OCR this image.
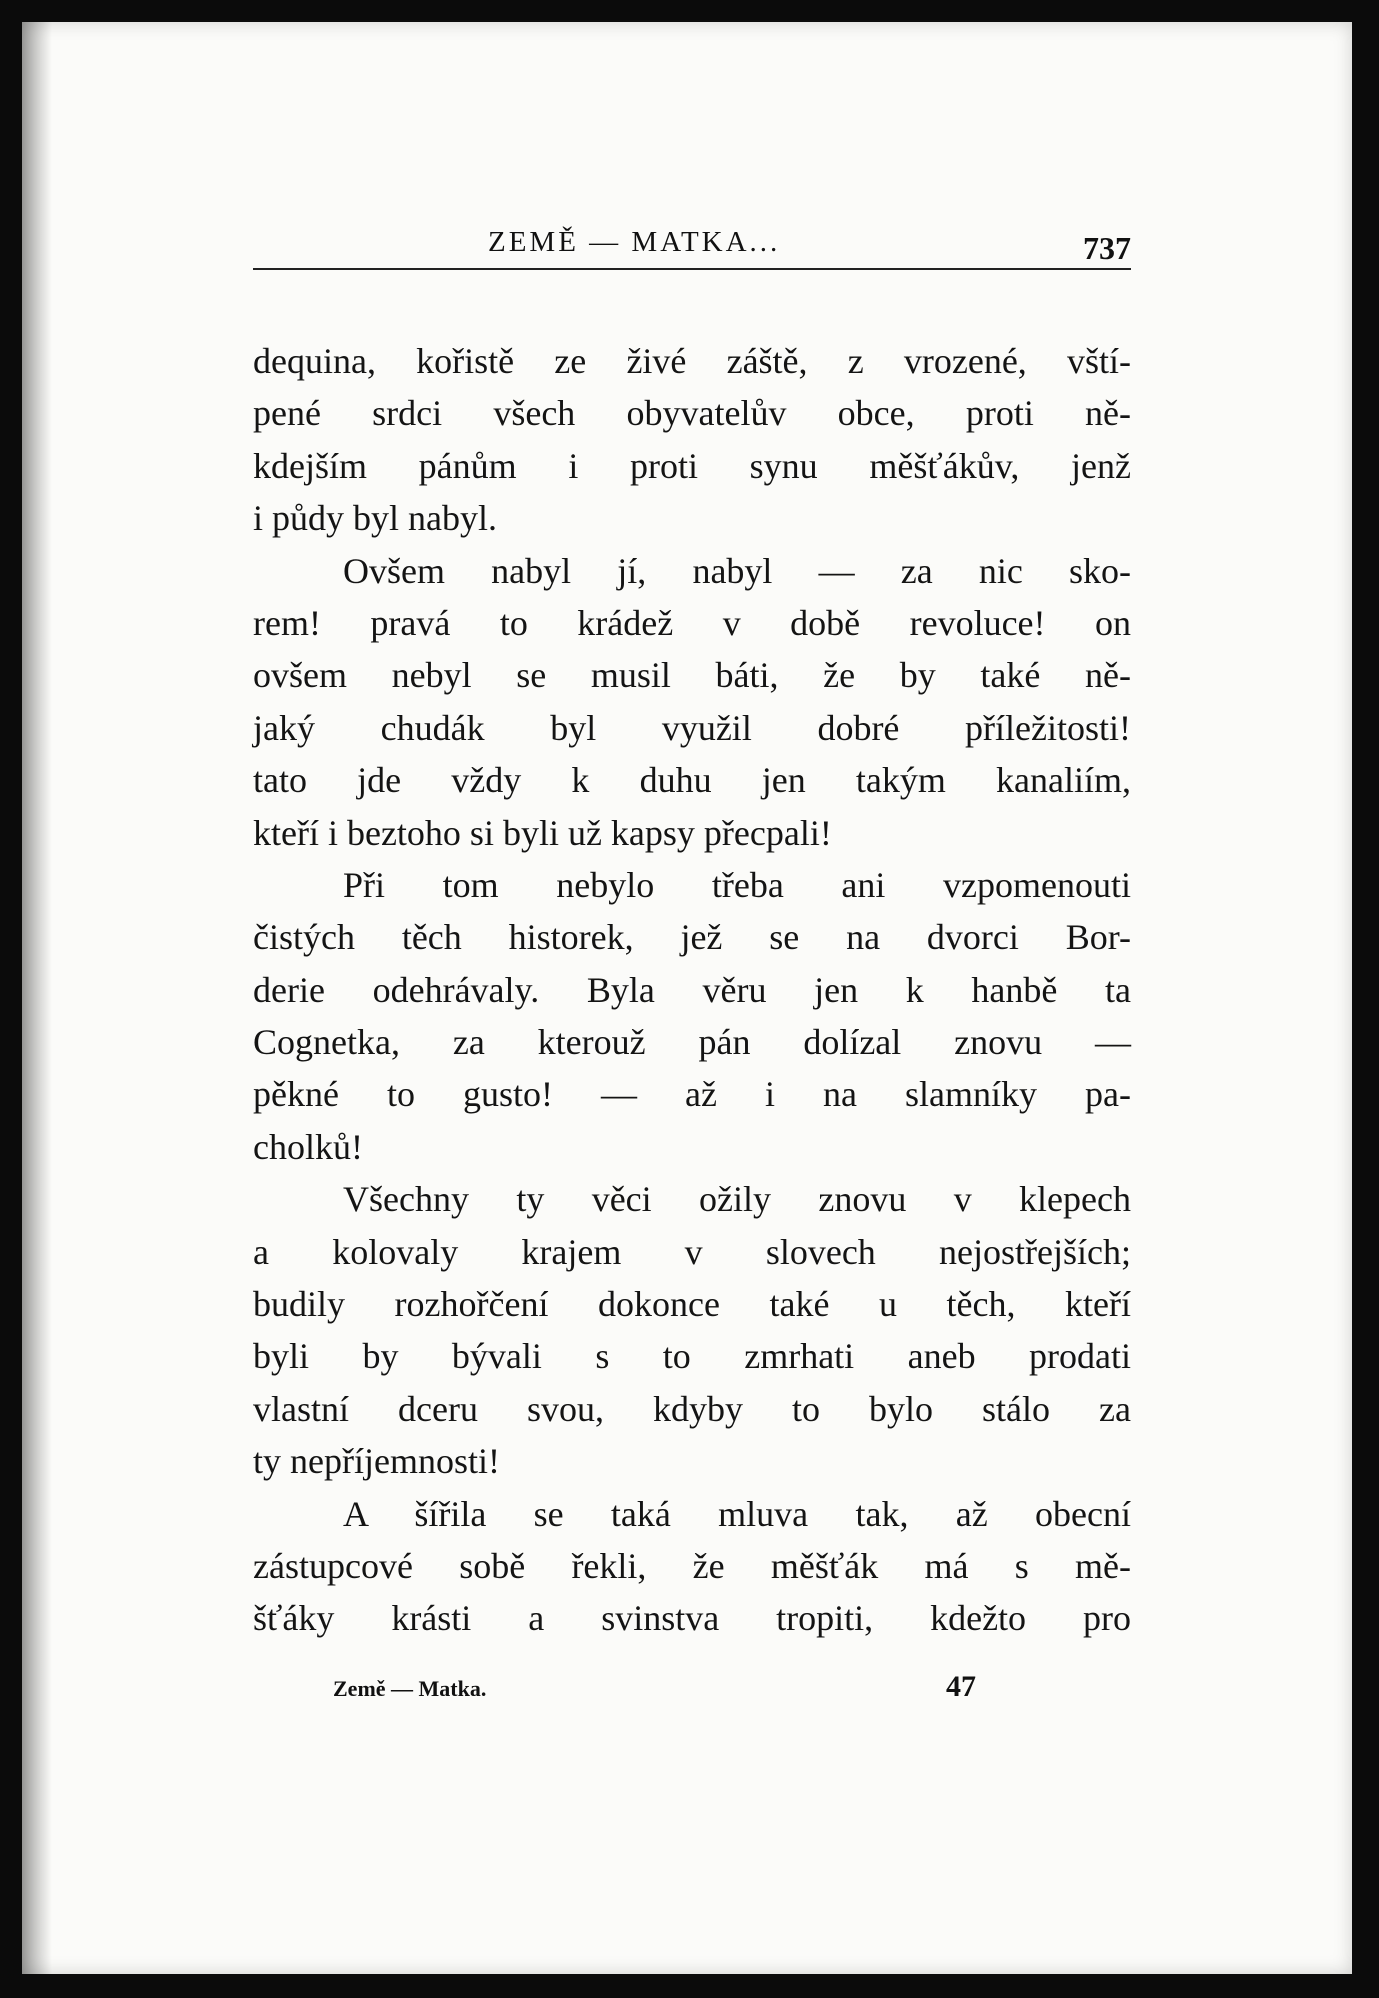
ZEMĚ — MATKA...	737
dequina, kořistě ze živé záště, z vrozené, vští-
pené srdci všech obyvatelův obce, proti ně-
kdejším pánům i proti synu měšťákův, jenž
i půdy byl nabyl.
Ovšem nabyl jí, nabyl — za nic sko-
rem! pravá to krádež v době revoluce! on
ovšem nebyl se musil báti, že by také ně-
jaký chudák byl využil dobré příležitosti!
tato jde vždy k duhu jen takým kanaliím,
kteří i beztoho si byli už kapsy přecpali!
Při tom nebylo třeba ani vzpomenouti
čistých těch historek, jež se na dvorci Bor-
derie odehrávaly. Byla věru jen k hanbě ta
Cognetka, za kterouž pán dolízal znovu —
pěkné to gusto! — až i na slamníky pa-
cholků!
Všechny ty věci ožily znovu v klepech
a kolovaly krajem v slovech nejostřejších;
budily rozhořčení dokonce také u těch, kteří
byli by bývali s to zmrhati aneb prodati
vlastní dceru svou, kdyby to bylo stálo za
ty nepříjemnosti!
A šířila se taká mluva tak, až obecní
zástupcové sobě řekli, že měšťák má s mě-
šťáky krásti a svinstva tropiti, kdežto pro
Země — Matka.	47
